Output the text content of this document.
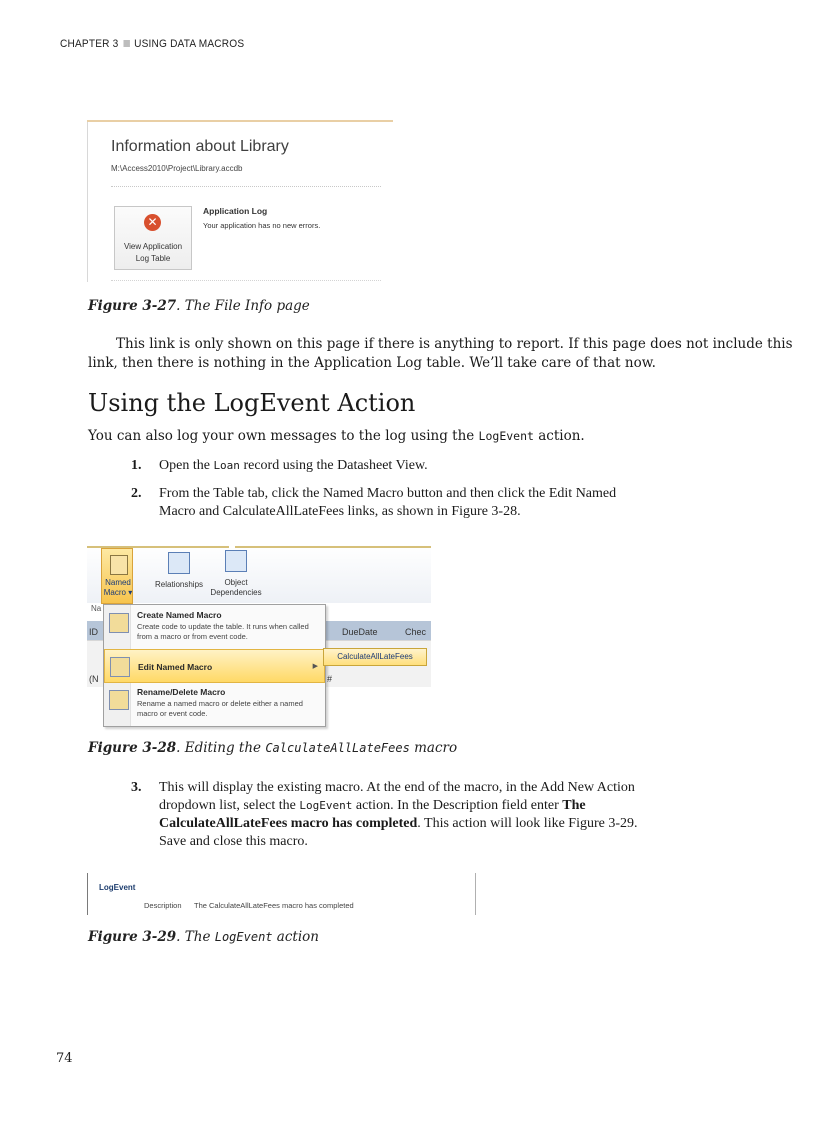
CHAPTER 3 USING DATA MACROS
Information about Library
M:\Access2010\Project\Library.accdb
✕
View Application
Log Table
Application Log
Your application has no new errors.
Figure 3-27. The File Info page
This link is only shown on this page if there is anything to report. If this page does not include this
link, then there is nothing in the Application Log table. We’ll take care of that now.
Using the LogEvent Action
You can also log your own messages to the log using the LogEvent action.
1. Open the Loan record using the Datasheet View.
2. From the Table tab, click the Named Macro button and then click the Edit Named
Macro and CalculateAllLateFees links, as shown in Figure 3-28.
Named
Macro ▾
Relationships	Object
Dependencies
Na
ID	DueDate	Chec
(N	#
Create Named Macro
Create code to update the table. It runs when called from a macro or from event code.
Edit Named Macro	▶
Rename/Delete Macro
Rename a named macro or delete either a named macro or event code.
CalculateAllLateFees
Figure 3-28. Editing the CalculateAllLateFees macro
3. This will display the existing macro. At the end of the macro, in the Add New Action
dropdown list, select the LogEvent action. In the Description field enter The
CalculateAllLateFees macro has completed. This action will look like Figure 3-29.
Save and close this macro.
LogEvent
Description The CalculateAllLateFees macro has completed
Figure 3-29. The LogEvent action
74
